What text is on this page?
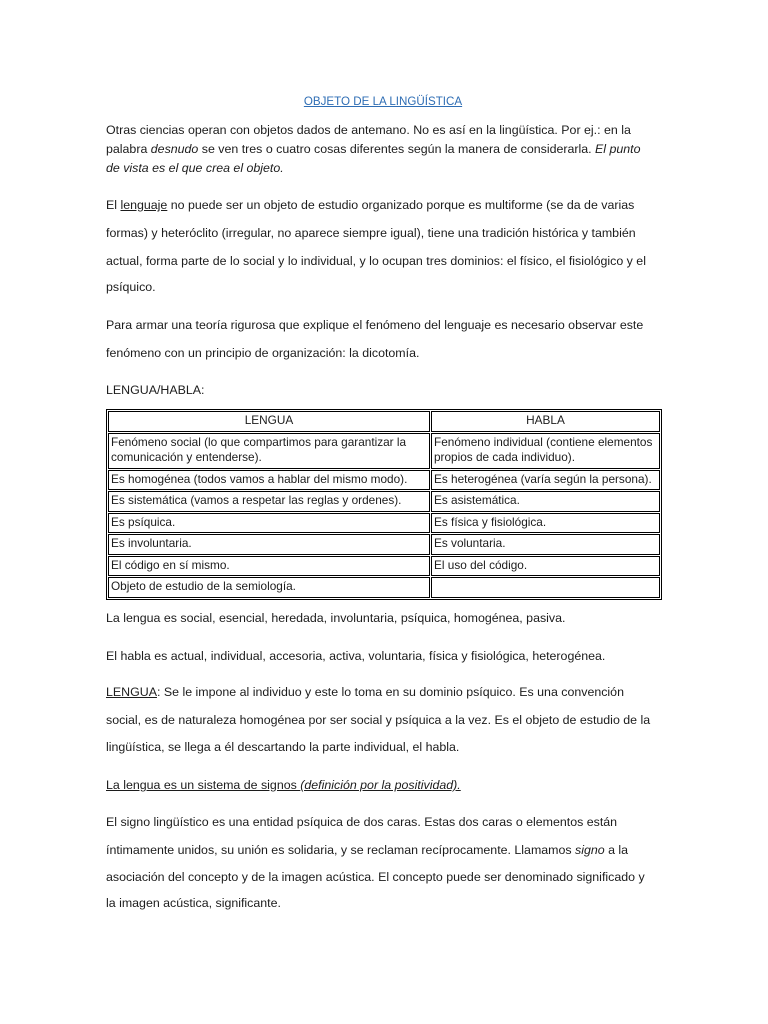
OBJETO DE LA LINGÜÍSTICA
Otras ciencias operan con objetos dados de antemano. No es así en la lingüística. Por ej.: en la
palabra desnudo se ven tres o cuatro cosas diferentes según la manera de considerarla. El punto
de vista es el que crea el objeto.
El lenguaje no puede ser un objeto de estudio organizado porque es multiforme (se da de varias
formas) y heteróclito (irregular, no aparece siempre igual), tiene una tradición histórica y también
actual, forma parte de lo social y lo individual, y lo ocupan tres dominios: el físico, el fisiológico y el
psíquico.
Para armar una teoría rigurosa que explique el fenómeno del lenguaje es necesario observar este
fenómeno con un principio de organización: la dicotomía.
LENGUA/HABLA:
LENGUA	HABLA
Fenómeno social (lo que compartimos para garantizar la comunicación y entenderse).	Fenómeno individual (contiene elementos propios de cada individuo).
Es homogénea (todos vamos a hablar del mismo modo).	Es heterogénea (varía según la persona).
Es sistemática (vamos a respetar las reglas y ordenes).	Es asistemática.
Es psíquica.	Es física y fisiológica.
Es involuntaria.	Es voluntaria.
El código en sí mismo.	El uso del código.
Objeto de estudio de la semiología.	
La lengua es social, esencial, heredada, involuntaria, psíquica, homogénea, pasiva.
El habla es actual, individual, accesoria, activa, voluntaria, física y fisiológica, heterogénea.
LENGUA: Se le impone al individuo y este lo toma en su dominio psíquico. Es una convención
social, es de naturaleza homogénea por ser social y psíquica a la vez. Es el objeto de estudio de la
lingüística, se llega a él descartando la parte individual, el habla.
La lengua es un sistema de signos (definición por la positividad).
El signo lingüístico es una entidad psíquica de dos caras. Estas dos caras o elementos están
íntimamente unidos, su unión es solidaria, y se reclaman recíprocamente. Llamamos signo a la
asociación del concepto y de la imagen acústica. El concepto puede ser denominado significado y
la imagen acústica, significante.
